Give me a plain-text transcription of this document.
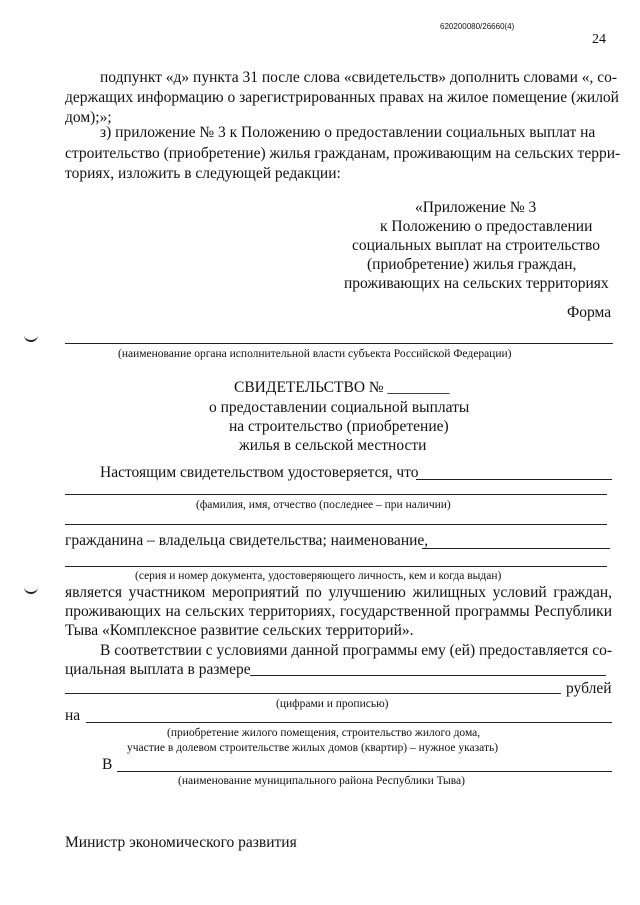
620200080/26660(4)
24
подпункт «д» пункта 31 после слова «свидетельств» дополнить словами «, со-
держащих информацию о зарегистрированных правах на жилое помещение (жилой
дом);»;
з) приложение № 3 к Положению о предоставлении социальных выплат на
строительство (приобретение) жилья гражданам, проживающим на сельских терри-
ториях, изложить в следующей редакции:
«Приложение № 3
к Положению о предоставлении
социальных выплат на строительство
(приобретение) жилья граждан,
проживающих на сельских территориях
Форма
(наименование органа исполнительной власти субъекта Российской Федерации)
СВИДЕТЕЛЬСТВО № ________
о предоставлении социальной выплаты
на строительство (приобретение)
жилья в сельской местности
Настоящим свидетельством удостоверяется, что
(фамилия, имя, отчество (последнее – при наличии)
гражданина – владельца свидетельства; наименование,
(серия и номер документа, удостоверяющего личность, кем и когда выдан)
является участником мероприятий по улучшению жилищных условий граждан,
проживающих на сельских территориях, государственной программы Республики
Тыва «Комплексное развитие сельских территорий».
В соответствии с условиями данной программы ему (ей) предоставляется со-
циальная выплата в размере
рублей
(цифрами и прописью)
на
(приобретение жилого помещения, строительство жилого дома,
участие в долевом строительстве жилых домов (квартир) – нужное указать)
В
(наименование муниципального района Республики Тыва)
Министр экономического развития
